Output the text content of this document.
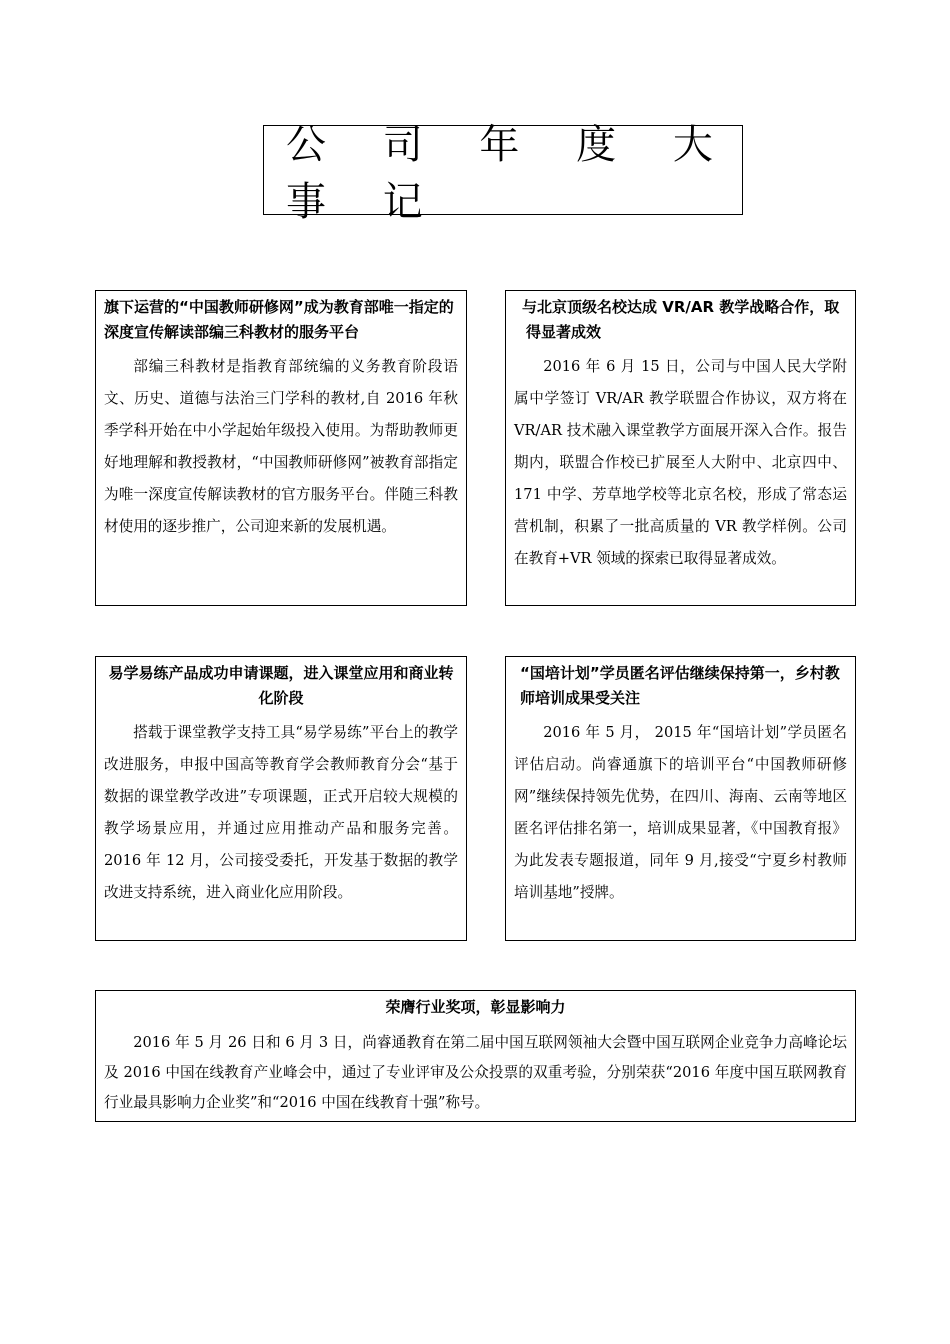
公 司 年 度 大 事 记
旗下运营的“中国教师研修网”成为教育部唯一指定的深度宣传解读部编三科教材的服务平台

部编三科教材是指教育部统编的义务教育阶段语文、历史、道德与法治三门学科的教材,自 2016 年秋季学科开始在中小学起始年级投入使用。为帮助教师更好地理解和教授教材，“中国教师研修网”被教育部指定为唯一深度宣传解读教材的官方服务平台。伴随三科教材使用的逐步推广，公司迎来新的发展机遇。

与北京顶级名校达成 VR/AR 教学战略合作，取得显著成效

2016 年 6 月 15 日，公司与中国人民大学附属中学签订 VR/AR 教学联盟合作协议，双方将在 VR/AR 技术融入课堂教学方面展开深入合作。报告期内，联盟合作校已扩展至人大附中、北京四中、171 中学、芳草地学校等北京名校，形成了常态运营机制，积累了一批高质量的 VR 教学样例。公司在教育+VR 领域的探索已取得显著成效。

易学易练产品成功申请课题，进入课堂应用和商业转化阶段

搭载于课堂教学支持工具“易学易练”平台上的教学改进服务，申报中国高等教育学会教师教育分会“基于数据的课堂教学改进”专项课题，正式开启较大规模的教学场景应用，并通过应用推动产品和服务完善。2016 年 12 月，公司接受委托，开发基于数据的教学改进支持系统，进入商业化应用阶段。

“国培计划”学员匿名评估继续保持第一，乡村教师培训成果受关注

2016 年 5 月， 2015 年“国培计划”学员匿名评估启动。尚睿通旗下的培训平台“中国教师研修网”继续保持领先优势，在四川、海南、云南等地区匿名评估排名第一，培训成果显著，《中国教育报》 为此发表专题报道，同年 9 月,接受“宁夏乡村教师培训基地”授牌。

荣膺行业奖项，彰显影响力

2016 年 5 月 26 日和 6 月 3 日，尚睿通教育在第二届中国互联网领袖大会暨中国互联网企业竞争力高峰论坛及 2016 中国在线教育产业峰会中，通过了专业评审及公众投票的双重考验，分别荣获“2016 年度中国互联网教育行业最具影响力企业奖”和“2016 中国在线教育十强”称号。
